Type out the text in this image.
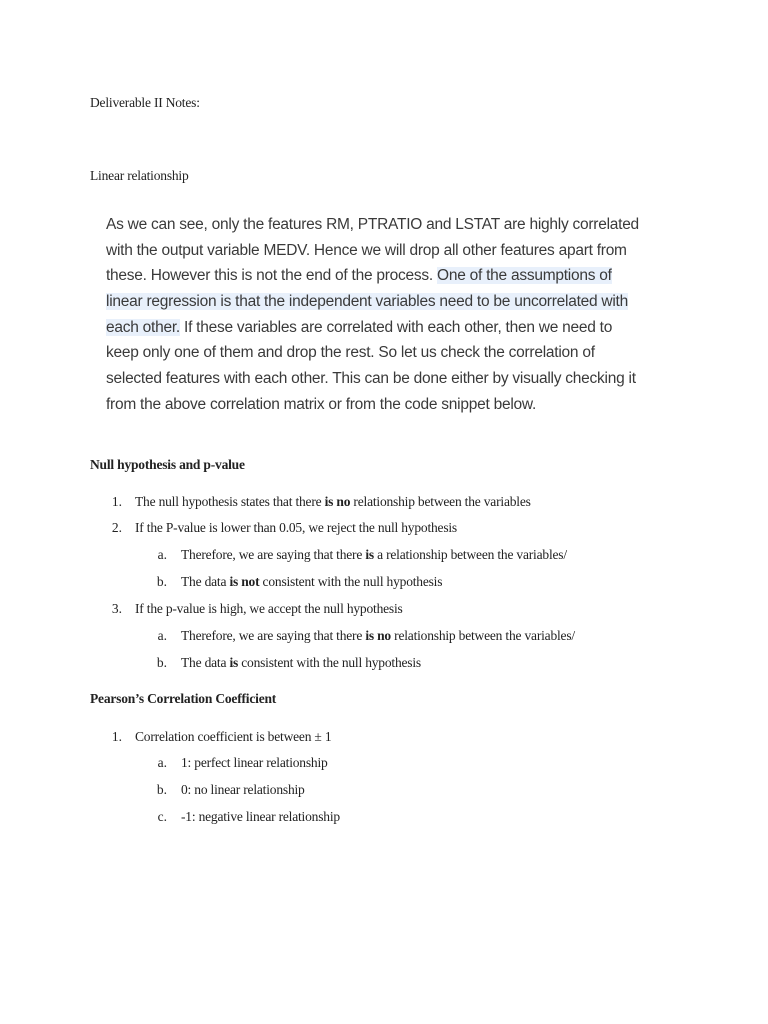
Deliverable II Notes:
Linear relationship
As we can see, only the features RM, PTRATIO and LSTAT are highly correlated
with the output variable MEDV. Hence we will drop all other features apart from
these. However this is not the end of the process. One of the assumptions of
linear regression is that the independent variables need to be uncorrelated with
each other. If these variables are correlated with each other, then we need to
keep only one of them and drop the rest. So let us check the correlation of
selected features with each other. This can be done either by visually checking it
from the above correlation matrix or from the code snippet below.
Null hypothesis and p-value
1. The null hypothesis states that there is no relationship between the variables
2. If the P-value is lower than 0.05, we reject the null hypothesis
a. Therefore, we are saying that there is a relationship between the variables/
b. The data is not consistent with the null hypothesis
3. If the p-value is high, we accept the null hypothesis
a. Therefore, we are saying that there is no relationship between the variables/
b. The data is consistent with the null hypothesis
Pearson’s Correlation Coefficient
1. Correlation coefficient is between ± 1
a. 1: perfect linear relationship
b. 0: no linear relationship
c. -1: negative linear relationship
